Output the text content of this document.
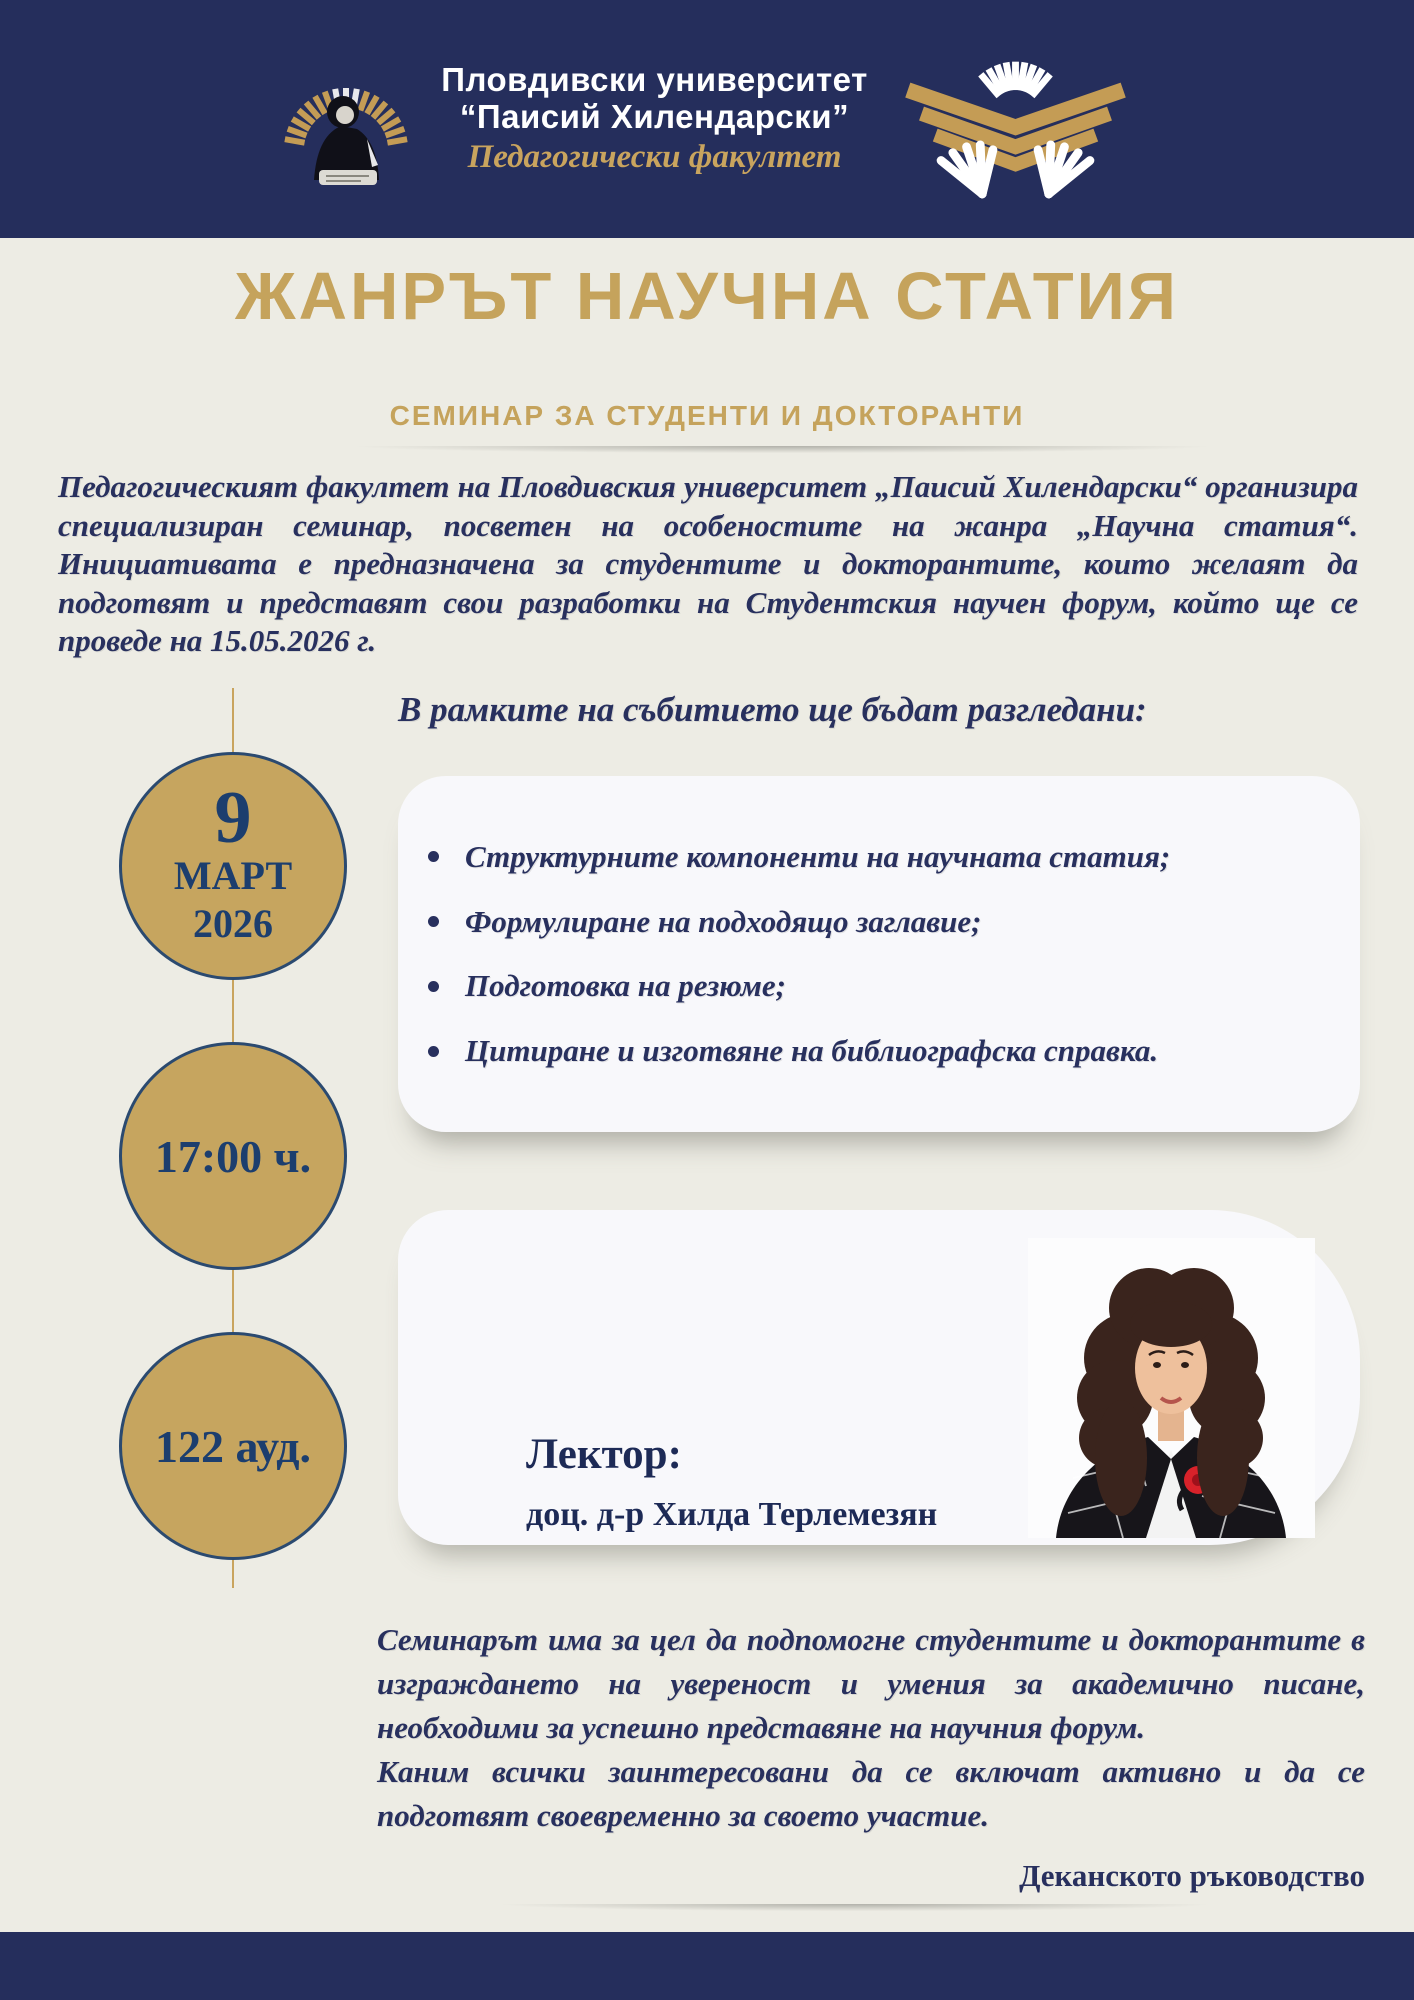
Пловдивски университет
“Паисий Хилендарски”
Педагогически факултет
ЖАНРЪТ НАУЧНА СТАТИЯ
СЕМИНАР ЗА СТУДЕНТИ И ДОКТОРАНТИ
Педагогическият факултет на Пловдивския университет „Паисий Хилендарски“ организира специализиран семинар, посветен на особеностите на жанра „Научна статия“. Инициативата е предназначена за студентите и докторантите, които желаят да подготвят и представят свои разработки на Студентския научен форум, който ще се проведе на 15.05.2026 г.
В рамките на събитието ще бъдат разгледани:
9
МАРТ
2026
17:00 ч.
122 ауд.
Структурните компоненти на научната статия;
Формулиране на подходящо заглавие;
Подготовка на резюме;
Цитиране и изготвяне на библиографска справка.
Лектор:
доц. д-р Хилда Терлемезян

Семинарът има за цел да подпомогне студентите и докторантите в изграждането на увереност и умения за академично писане, необходими за успешно представяне на научния форум.

Каним всички заинтересовани да се включат активно и да се подготвят своевременно за своето участие.

Деканското ръководство
